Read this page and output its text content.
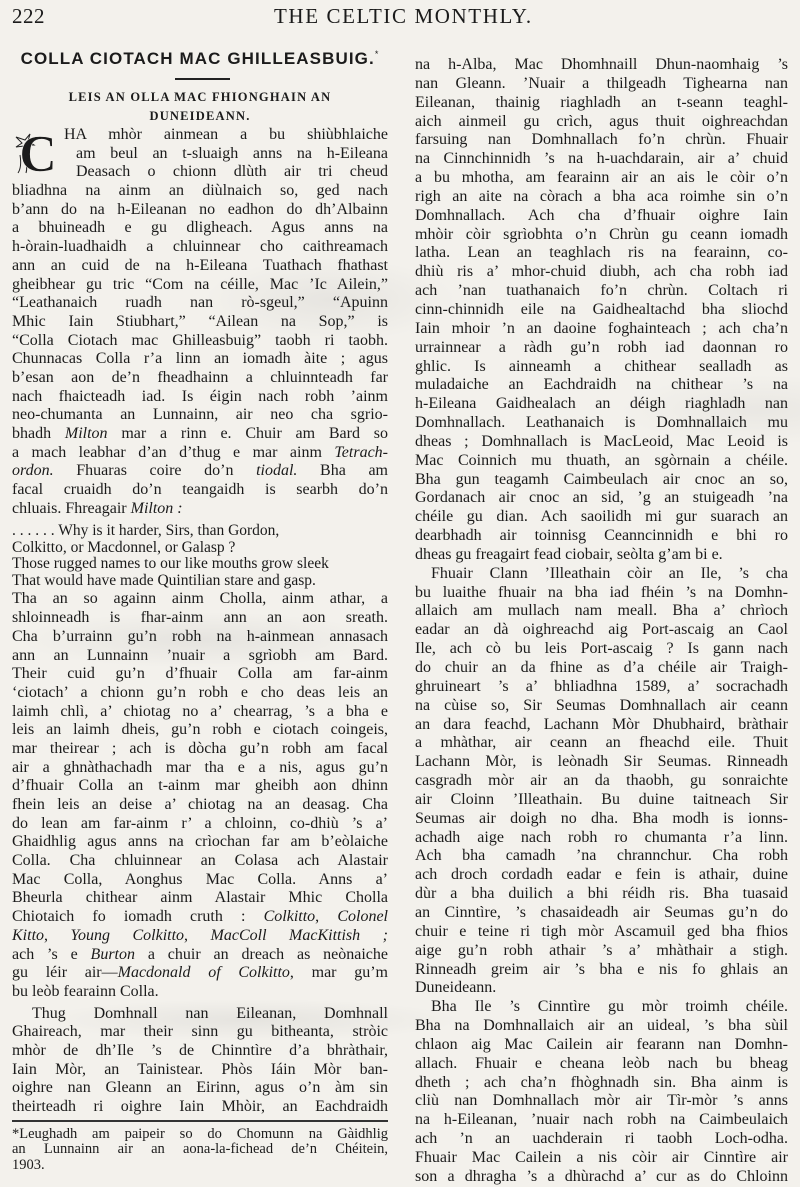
222	THE CELTIC MONTHLY.
COLLA CIOTACH MAC GHILLEASBUIG.*
LEIS AN OLLA MAC FHIONGHAIN AN
DUNEIDEANN.
C HA mhòr ainmean a bu shiùbhlaiche
am beul an t-sluaigh anns na h-Eileana
Deasach o chionn dlùth air tri cheud
bliadhna na ainm an diùlnaich so, ged nach
b’ann do na h-Eileanan no eadhon do dh’Albainn
a bhuineadh e gu dligheach. Agus anns na
h-òrain-luadhaidh a chluinnear cho caithreamach
ann an cuid de na h-Eileana Tuathach fhathast
gheibhear gu tric “Com na céille, Mac ’Ic Ailein,”
“Leathanaich ruadh nan rò-sgeul,” “Apuinn
Mhic Iain Stiubhart,” “Ailean na Sop,” is
“Colla Ciotach mac Ghilleasbuig” taobh ri taobh.
Chunnacas Colla r’a linn an iomadh àite ; agus
b’esan aon de’n fheadhainn a chluinnteadh far
nach fhaicteadh iad. Is éigin nach robh ’ainm
neo-chumanta an Lunnainn, air neo cha sgrio-
bhadh Milton mar a rinn e. Chuir am Bard so
a mach leabhar d’an d’thug e mar ainm Tetrach-
ordon. Fhuaras coire do’n tiodal. Bha am
facal cruaidh do’n teangaidh is searbh do’n
chluais. Fhreagair Milton :
. . . . . . Why is it harder, Sirs, than Gordon,
Colkitto, or Macdonnel, or Galasp ?
Those rugged names to our like mouths grow sleek
That would have made Quintilian stare and gasp.
Tha an so againn ainm Cholla, ainm athar, a
shloinneadh is fhar-ainm ann an aon sreath.
Cha b’urrainn gu’n robh na h-ainmean annasach
ann an Lunnainn ’nuair a sgrìobh am Bard.
Their cuid gu’n d’fhuair Colla am far-ainm
‘ciotach’ a chionn gu’n robh e cho deas leis an
laimh chlì, a’ chiotag no a’ chearrag, ’s a bha e
leis an laimh dheis, gu’n robh e ciotach coingeis,
mar theirear ; ach is dòcha gu’n robh am facal
air a ghnàthachadh mar tha e a nis, agus gu’n
d’fhuair Colla an t-ainm mar gheibh aon dhinn
fhein leis an deise a’ chiotag na an deasag. Cha
do lean am far-ainm r’ a chloinn, co-dhiù ’s a’
Ghaidhlig agus anns na crìochan far am b’eòlaiche
Colla. Cha chluinnear an Colasa ach Alastair
Mac Colla, Aonghus Mac Colla. Anns a’
Bheurla chithear ainm Alastair Mhic Cholla
Chiotaich fo iomadh cruth : Colkitto, Colonel
Kitto, Young Colkitto, MacColl MacKittish ;
ach ’s e Burton a chuir an dreach as neònaiche
gu léir air—Macdonald of Colkitto, mar gu’m
bu leòb fearainn Colla.
Thug Domhnall nan Eileanan, Domhnall
Ghaireach, mar their sinn gu bitheanta, stròic
mhòr de dh’Ile ’s de Chinntìre d’a bhràthair,
Iain Mòr, an Tainistear. Phòs Iáin Mòr ban-
oighre nan Gleann an Eirinn, agus o’n àm sin
theirteadh ri oighre Iain Mhòir, an Eachdraidh
*Leughadh am paipeir so do Chomunn na Gàidhlig
an Lunnainn air an aona-la-fichead de’n Chéitein,
1903.
na h-Alba, Mac Dhomhnaill Dhun-naomhaig ’s
nan Gleann. ’Nuair a thilgeadh Tighearna nan
Eileanan, thainig riaghladh an t-seann teaghl-
aich ainmeil gu crìch, agus thuit oighreachdan
farsuing nan Domhnallach fo’n chrùn. Fhuair
na Cinnchinnidh ’s na h-uachdarain, air a’ chuid
a bu mhotha, am fearainn air an ais le còir o’n
righ an aite na còrach a bha aca roimhe sin o’n
Domhnallach. Ach cha d’fhuair oighre Iain
mhòir còir sgrìobhta o’n Chrùn gu ceann iomadh
latha. Lean an teaghlach ris na fearainn, co-
dhiù ris a’ mhor-chuid diubh, ach cha robh iad
ach ’nan tuathanaich fo’n chrùn. Coltach ri
cinn-chinnidh eile na Gaidhealtachd bha sliochd
Iain mhoir ’n an daoine foghainteach ; ach cha’n
urrainnear a ràdh gu’n robh iad daonnan ro
ghlic. Is ainneamh a chithear sealladh as
muladaiche an Eachdraidh na chithear ’s na
h-Eileana Gaidhealach an déigh riaghladh nan
Domhnallach. Leathanaich is Domhnallaich mu
dheas ; Domhnallach is MacLeoid, Mac Leoid is
Mac Coinnich mu thuath, an sgòrnain a chéile.
Bha gun teagamh Caimbeulach air cnoc an so,
Gordanach air cnoc an sid, ’g an stuigeadh ’na
chéile gu dian. Ach saoilidh mi gur suarach an
dearbhadh air toinnisg Ceanncinnidh e bhi ro
dheas gu freagairt fead ciobair, seòlta g’am bi e.
Fhuair Clann ’Illeathain còir an Ile, ’s cha
bu luaithe fhuair na bha iad fhéin ’s na Domhn-
allaich am mullach nam meall. Bha a’ chrìoch
eadar an dà oighreachd aig Port-ascaig an Caol
Ile, ach cò bu leis Port-ascaig ? Is gann nach
do chuir an da fhine as d’a chéile air Traigh-
ghruineart ’s a’ bhliadhna 1589, a’ socrachadh
na cùise so, Sir Seumas Domhnallach air ceann
an dara feachd, Lachann Mòr Dhubhaird, bràthair
a mhàthar, air ceann an fheachd eile. Thuit
Lachann Mòr, is leònadh Sir Seumas. Rinneadh
casgradh mòr air an da thaobh, gu sonraichte
air Cloinn ’Illeathain. Bu duine taitneach Sir
Seumas air doigh no dha. Bha modh is ionns-
achadh aige nach robh ro chumanta r’a linn.
Ach bha camadh ’na chrannchur. Cha robh
ach droch cordadh eadar e fein is athair, duine
dùr a bha duilich a bhi réidh ris. Bha tuasaid
an Cinntìre, ’s chasaideadh air Seumas gu’n do
chuir e teine ri tigh mòr Ascamuil ged bha fhios
aige gu’n robh athair ’s a’ mhàthair a stigh.
Rinneadh greim air ’s bha e nis fo ghlais an
Duneideann.
Bha Ile ’s Cinntìre gu mòr troimh chéile.
Bha na Domhnallaich air an uideal, ’s bha sùil
chlaon aig Mac Cailein air fearann nan Domhn-
allach. Fhuair e cheana leòb nach bu bheag
dheth ; ach cha’n fhòghnadh sin. Bha ainm is
cliù nan Domhnallach mòr air Tìr-mòr ’s anns
na h-Eileanan, ’nuair nach robh na Caimbeulaich
ach ’n an uachderain ri taobh Loch-odha.
Fhuair Mac Cailein a nis còir air Cinntìre air
son a dhragha ’s a dhùrachd a’ cur as do Chloinn
